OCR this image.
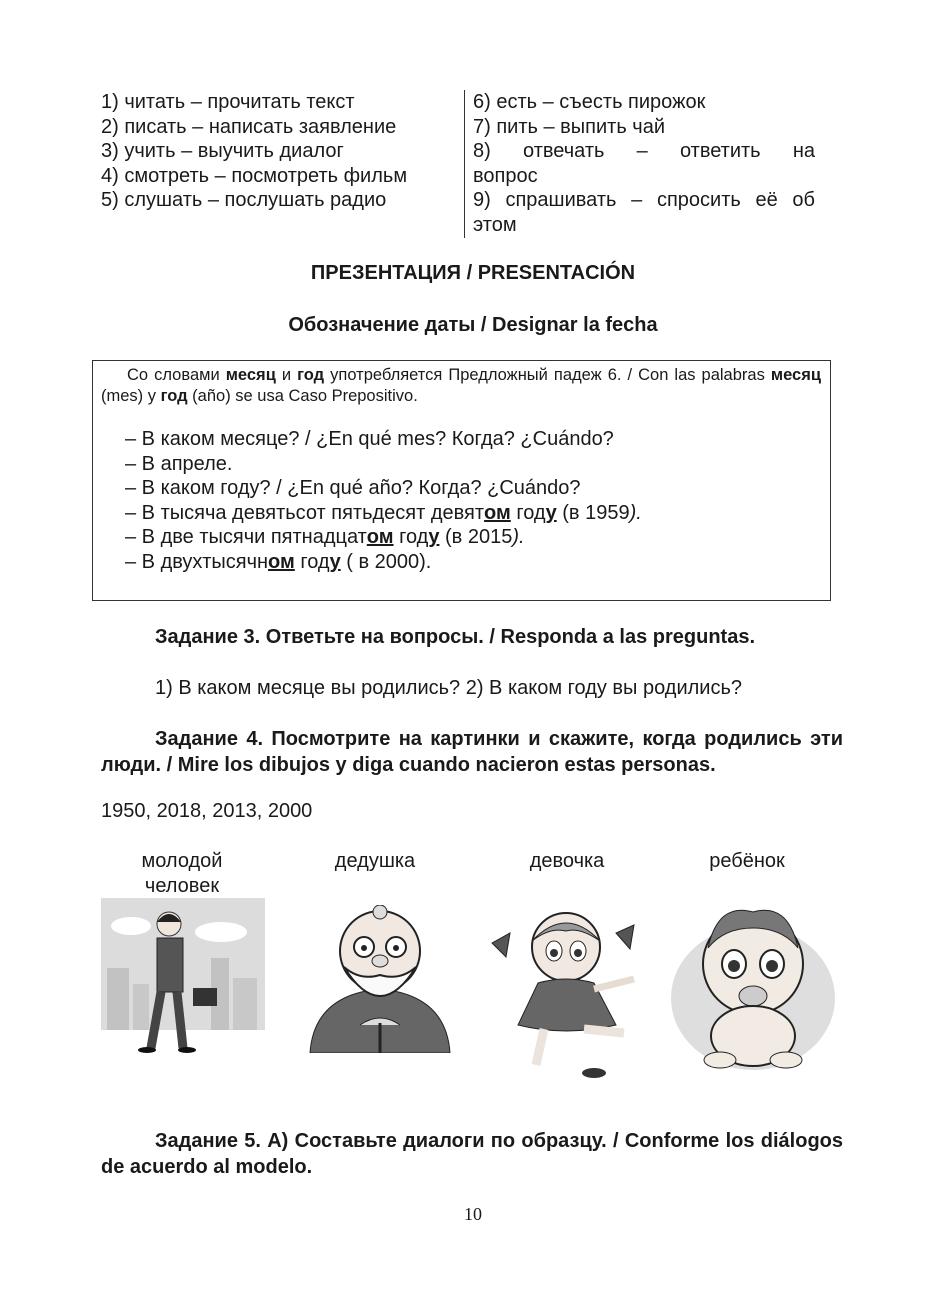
1) читать – прочитать текст
2) писать – написать заявление
3) учить – выучить диалог
4) смотреть – посмотреть фильм
5) слушать – послушать радио
6) есть – съесть пирожок
7) пить – выпить чай
8) отвечать – ответить на
вопрос
9) спрашивать – спросить её об
этом
ПРЕЗЕНТАЦИЯ / PRESENTACIÓN
Обозначение даты / Designar la fecha
Со словами месяц и год употребляется Предложный падеж 6. / Con las palabras месяц (mes) y год (año) se usa Caso Prepositivo.
– В каком месяце? / ¿En qué mes? Когда? ¿Cuándo?
– В апреле.
– В каком году? / ¿En qué año? Когда? ¿Cuándo?
– В тысяча девятьсот пятьдесят девятом году (в 1959).
– В две тысячи пятнадцатом году (в 2015).
– В двухтысячном году ( в 2000).
Задание 3. Ответьте на вопросы. / Responda a las preguntas.
1) В каком месяце вы родились? 2) В каком году вы родились?
Задание 4. Посмотрите на картинки и скажите, когда родились эти люди. / Mire los dibujos y diga cuando nacieron estas personas.
1950, 2018, 2013, 2000
молодой
человек
дедушка	девочка	ребёнок
Задание 5. А) Составьте диалоги по образцу. / Conforme los diálogos de acuerdo al modelo.
10
